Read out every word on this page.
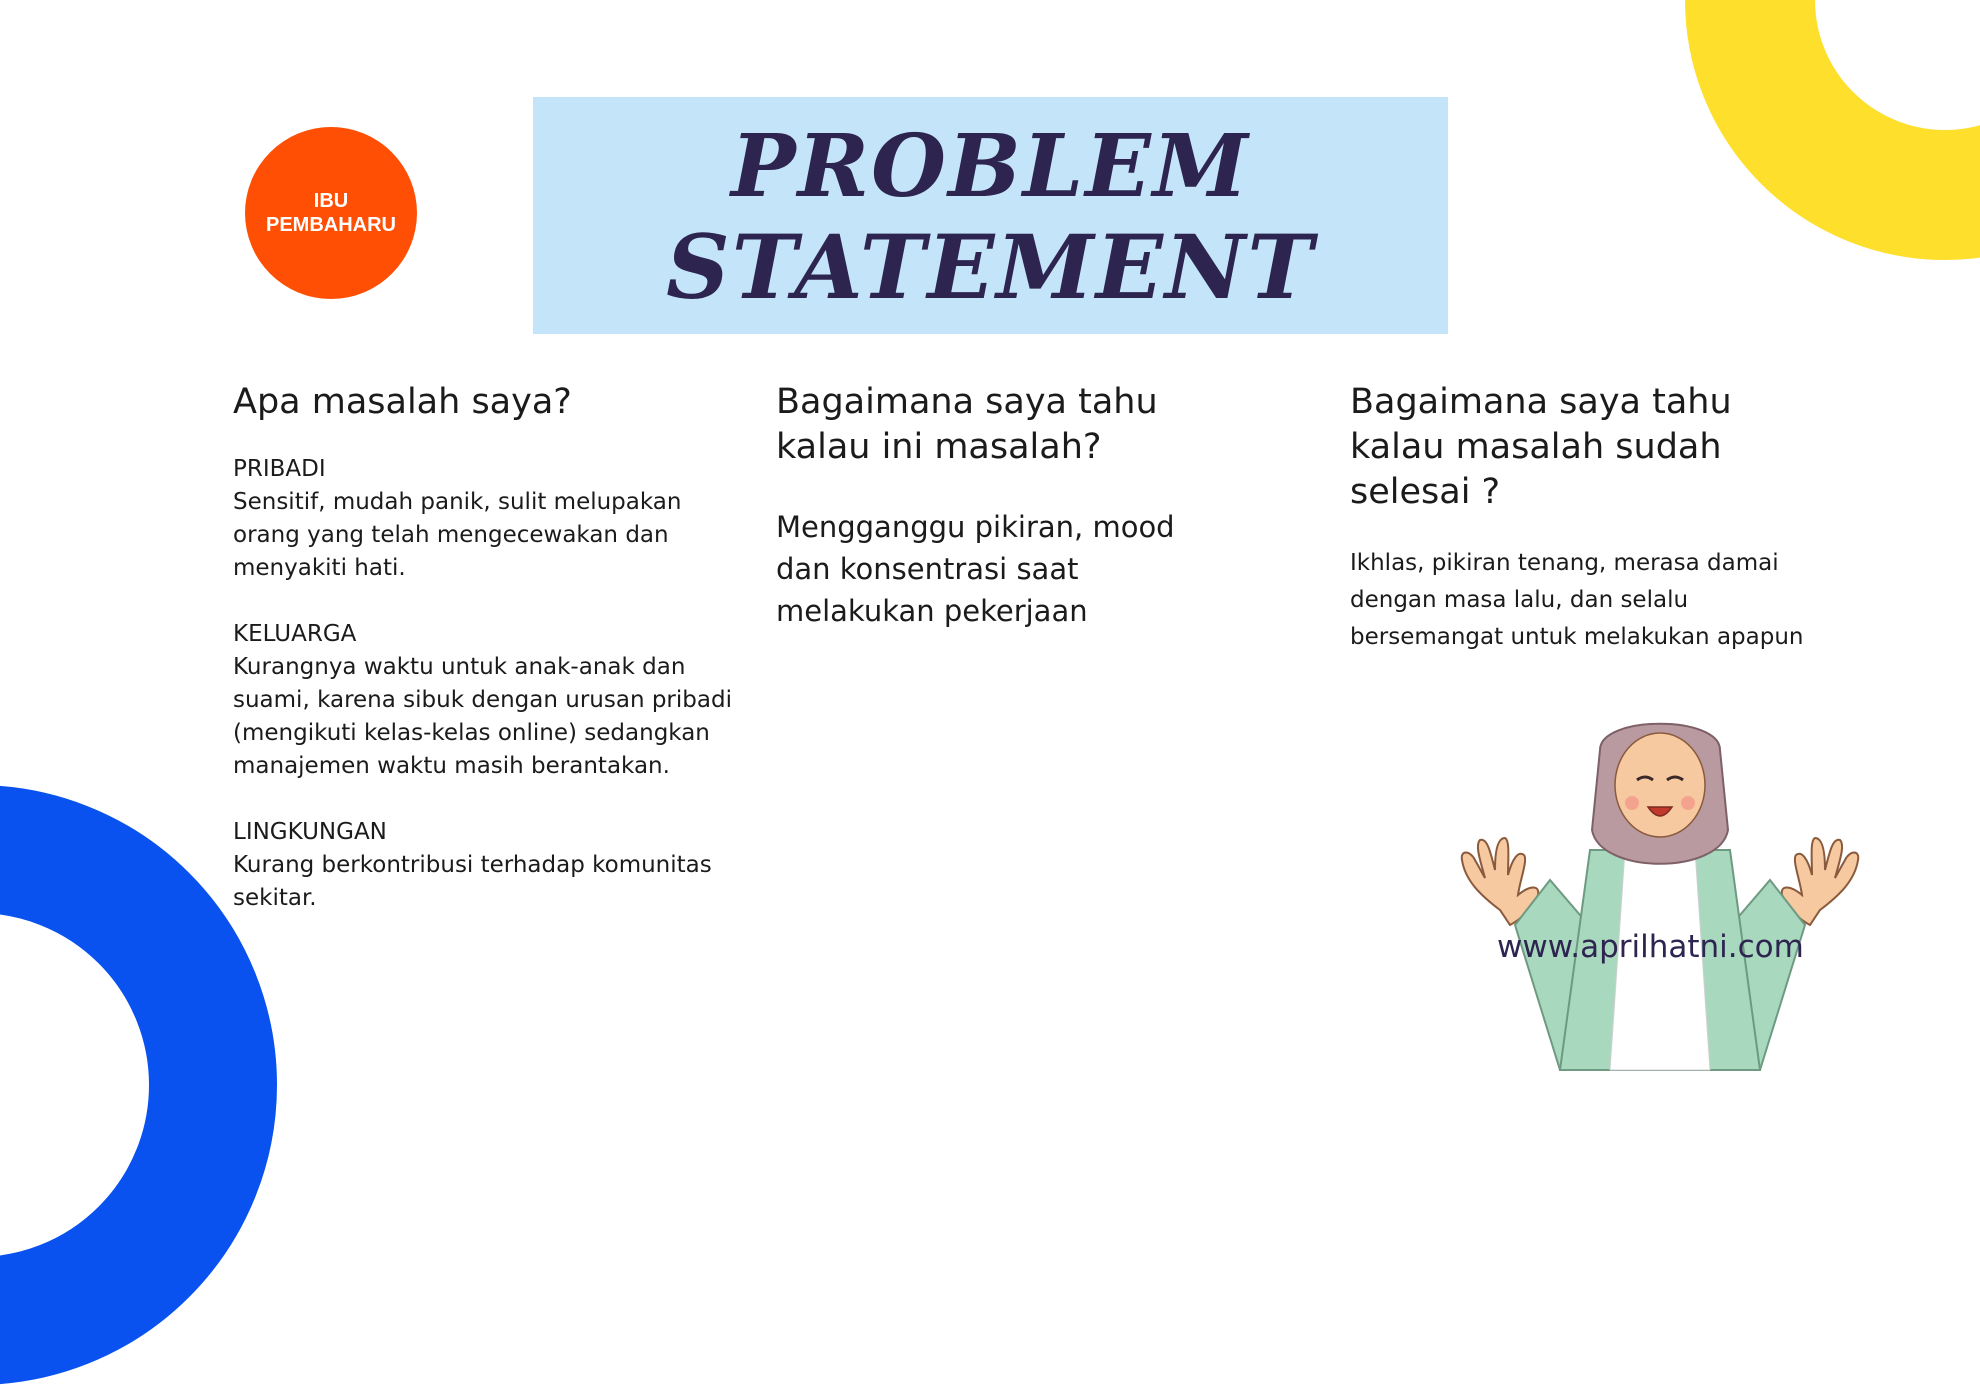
IBU
PEMBAHARU
PROBLEM
STATEMENT
Apa masalah saya?

PRIBADI

Sensitif, mudah panik, sulit melupakan orang yang telah mengecewakan dan menyakiti hati.

KELUARGA

Kurangnya waktu untuk anak-anak dan suami, karena sibuk dengan urusan pribadi (mengikuti kelas-kelas online) sedangkan manajemen waktu masih berantakan.

LINGKUNGAN

Kurang berkontribusi terhadap komunitas sekitar.

Bagaimana saya tahu kalau ini masalah?

Mengganggu pikiran, mood dan konsentrasi saat melakukan pekerjaan

Bagaimana saya tahu kalau masalah sudah selesai ?

Ikhlas, pikiran tenang, merasa damai dengan masa lalu, dan selalu bersemangat untuk melakukan apapun

www.aprilhatni.com
